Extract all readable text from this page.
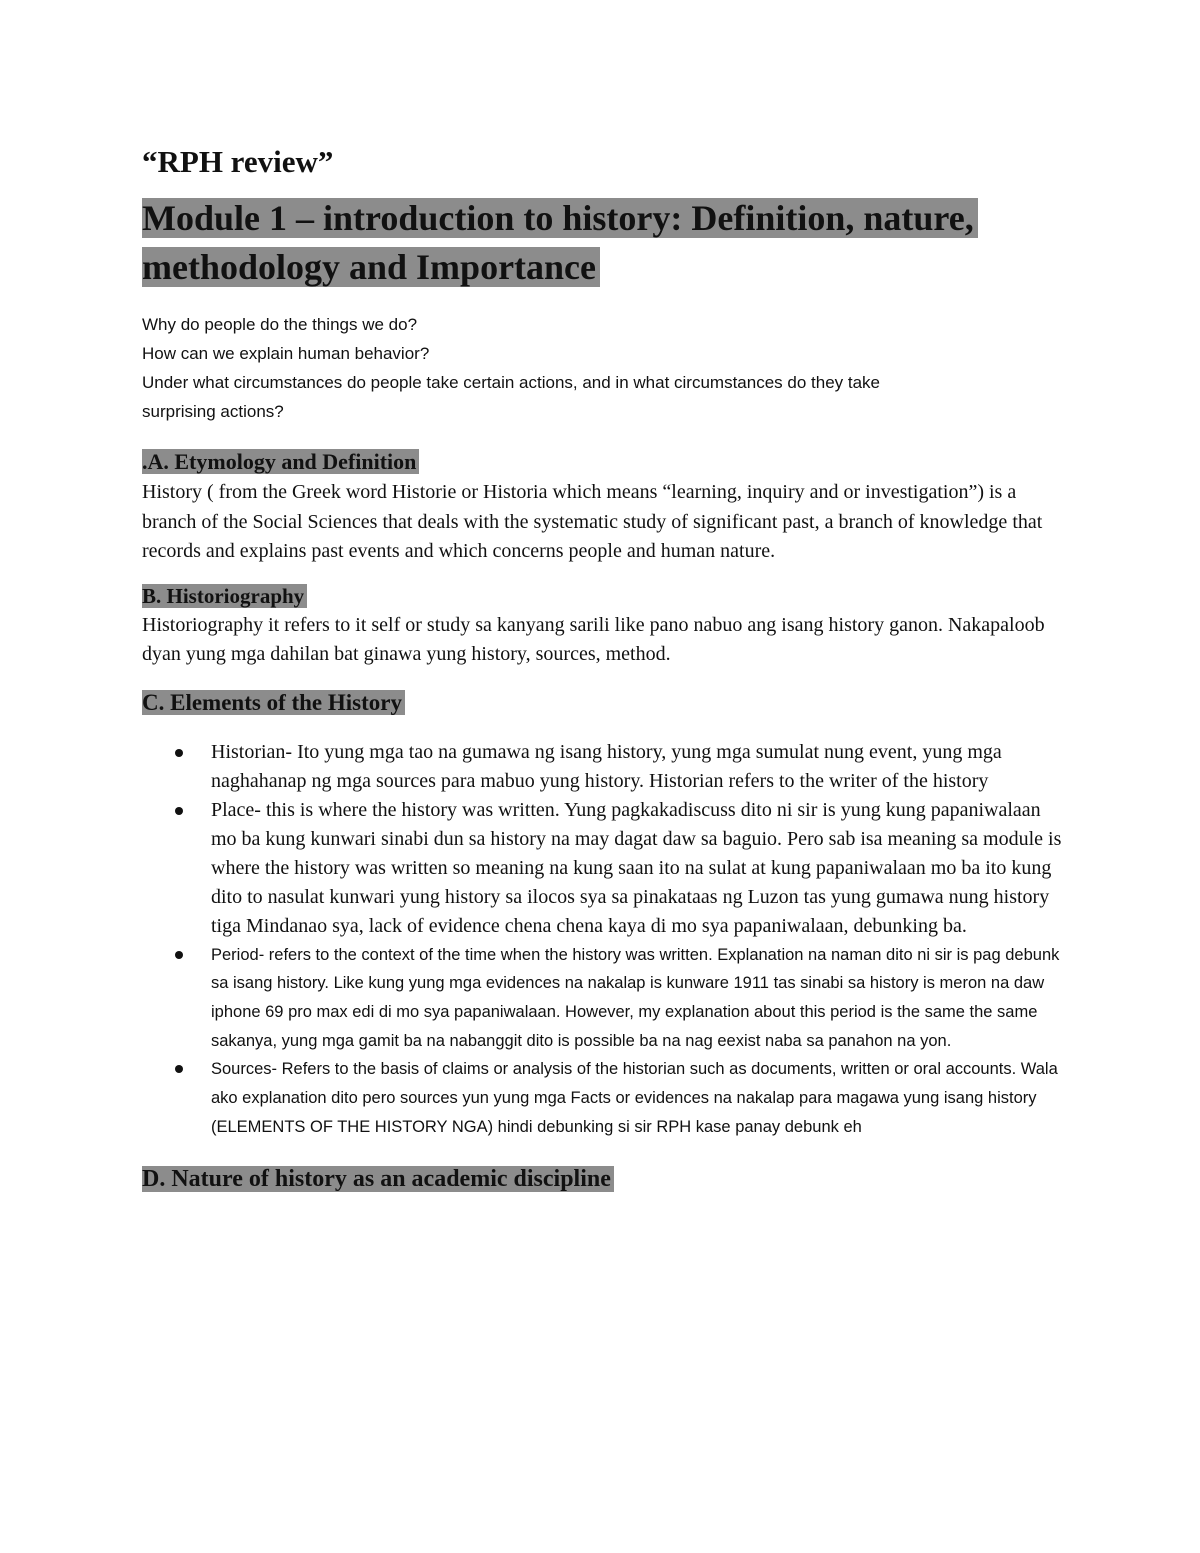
“RPH review”
Module 1 – introduction to history: Definition, nature,
methodology and Importance
Why do people do the things we do?
How can we explain human behavior?
Under what circumstances do people take certain actions, and in what circumstances do they take
surprising actions?
.A. Etymology and Definition

History ( from the Greek word Historie or Historia which means “learning, inquiry and or investigation”) is a branch of the Social Sciences that deals with the systematic study of significant past, a branch of knowledge that records and explains past events and which concerns people and human nature.

B. Historiography

Historiography it refers to it self or study sa kanyang sarili like pano nabuo ang isang history ganon. Nakapaloob dyan yung mga dahilan bat ginawa yung history, sources, method.

C. Elements of the History
Historian- Ito yung mga tao na gumawa ng isang history, yung mga sumulat nung event, yung mga naghahanap ng mga sources para mabuo yung history. Historian refers to the writer of the history
Place- this is where the history was written. Yung pagkakadiscuss dito ni sir is yung kung papaniwalaan mo ba kung kunwari sinabi dun sa history na may dagat daw sa baguio. Pero sab isa meaning sa module is where the history was written so meaning na kung saan ito na sulat at kung papaniwalaan mo ba ito kung dito to nasulat kunwari yung history sa ilocos sya sa pinakataas ng Luzon tas yung gumawa nung history tiga Mindanao sya, lack of evidence chena chena kaya di mo sya papaniwalaan, debunking ba.
Period- refers to the context of the time when the history was written. Explanation na naman dito ni sir is pag debunk sa isang history. Like kung yung mga evidences na nakalap is kunware 1911 tas sinabi sa history is meron na daw iphone 69 pro max edi di mo sya papaniwalaan. However, my explanation about this period is the same the same sakanya, yung mga gamit ba na nabanggit dito is possible ba na nag eexist naba sa panahon na yon.
Sources- Refers to the basis of claims or analysis of the historian such as documents, written or oral accounts. Wala ako explanation dito pero sources yun yung mga Facts or evidences na nakalap para magawa yung isang history (ELEMENTS OF THE HISTORY NGA) hindi debunking si sir RPH kase panay debunk eh
D. Nature of history as an academic discipline
